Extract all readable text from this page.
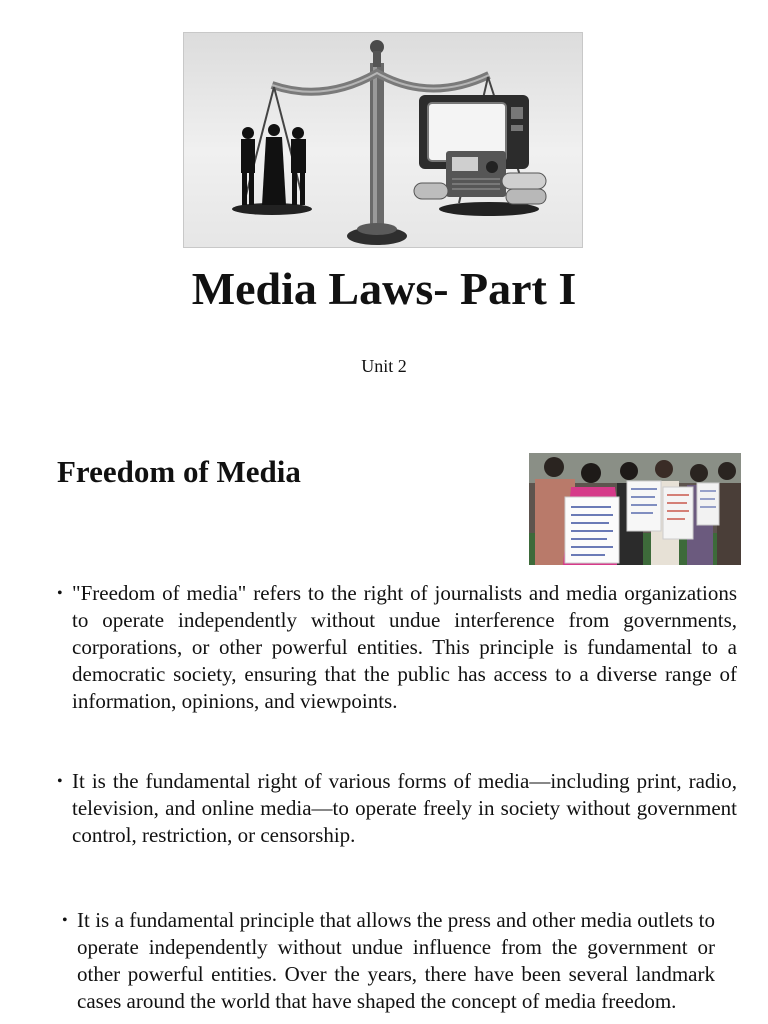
Media Laws- Part I
Unit 2
Freedom of Media
• "Freedom of media" refers to the right of journalists and media organizations to operate independently without undue interference from governments, corporations, or other powerful entities. This principle is fundamental to a democratic society, ensuring that the public has access to a diverse range of information, opinions, and viewpoints.
• It is the fundamental right of various forms of media—including print, radio, television, and online media—to operate freely in society without government control, restriction, or censorship.
• It is a fundamental principle that allows the press and other media outlets to operate independently without undue influence from the government or other powerful entities. Over the years, there have been several landmark cases around the world that have shaped the concept of media freedom.
